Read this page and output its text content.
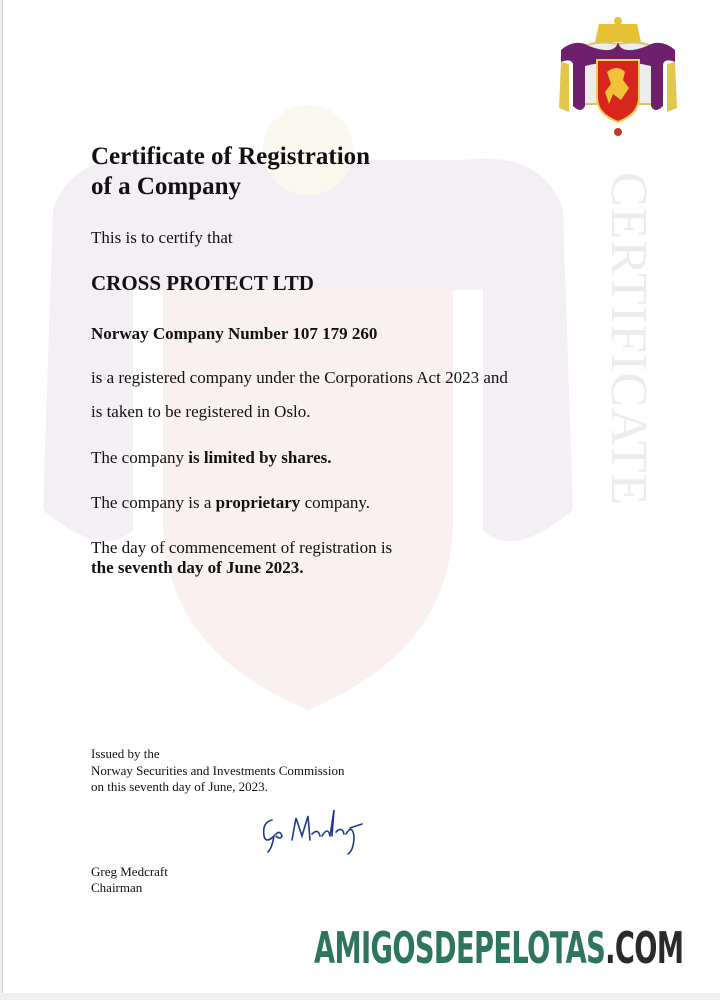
CERTIFICATE
Certificate of Registration
of a Company
This is to certify that
CROSS PROTECT LTD
Norway Company Number 107 179 260
is a registered company under the Corporations Act 2023 and
is taken to be registered in Oslo.
The company is limited by shares.
The company is a proprietary company.
The day of commencement of registration is
the seventh day of June 2023.
Issued by the
Norway Securities and Investments Commission
on this seventh day of June, 2023.
Greg Medcraft
Chairman
AMIGOSDEPELOTAS.COM
